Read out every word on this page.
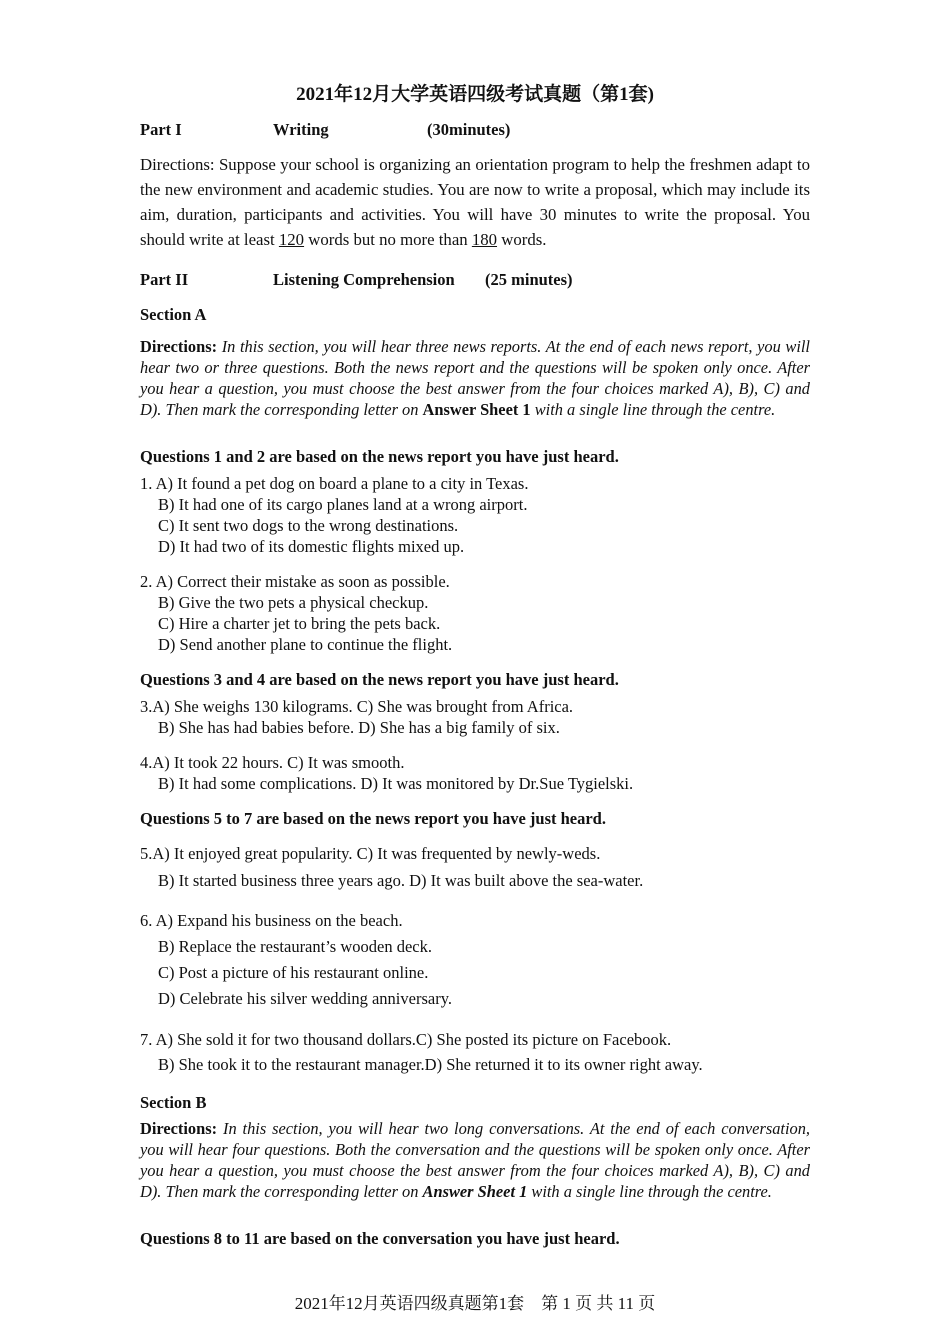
2021年12月大学英语四级考试真题（第1套)
Part I	Writing	(30minutes)
Directions: Suppose your school is organizing an orientation program to help the freshmen adapt to the new environment and academic studies. You are now to write a proposal, which may include its aim, duration, participants and activities. You will have 30 minutes to write the proposal. You should write at least 120 words but no more than 180 words.
Part II	Listening Comprehension (25 minutes)
Section A
Directions: In this section, you will hear three news reports. At the end of each news report, you will hear two or three questions. Both the news report and the questions will be spoken only once. After you hear a question, you must choose the best answer from the four choices marked A), B), C) and D). Then mark the corresponding letter on Answer Sheet 1 with a single line through the centre.
Questions 1 and 2 are based on the news report you have just heard.
1. A) It found a pet dog on board a plane to a city in Texas.
B) It had one of its cargo planes land at a wrong airport.
C) It sent two dogs to the wrong destinations.
D) It had two of its domestic flights mixed up.
2. A) Correct their mistake as soon as possible.
B) Give the two pets a physical checkup.
C) Hire a charter jet to bring the pets back.
D) Send another plane to continue the flight.
Questions 3 and 4 are based on the news report you have just heard.
3.A) She weighs 130 kilograms. C) She was brought from Africa.
B) She has had babies before. D) She has a big family of six.
4.A) It took 22 hours. C) It was smooth.
B) It had some complications. D) It was monitored by Dr.Sue Tygielski.
Questions 5 to 7 are based on the news report you have just heard.
5.A) It enjoyed great popularity. C) It was frequented by newly-weds.
B) It started business three years ago. D) It was built above the sea-water.
6. A) Expand his business on the beach.
B) Replace the restaurant’s wooden deck.
C) Post a picture of his restaurant online.
D) Celebrate his silver wedding anniversary.
7. A) She sold it for two thousand dollars.C) She posted its picture on Facebook.
B) She took it to the restaurant manager.D) She returned it to its owner right away.
Section B
Directions: In this section, you will hear two long conversations. At the end of each conversation, you will hear four questions. Both the conversation and the questions will be spoken only once. After you hear a question, you must choose the best answer from the four choices marked A), B), C) and D). Then mark the corresponding letter on Answer Sheet 1 with a single line through the centre.
Questions 8 to 11 are based on the conversation you have just heard.
2021年12月英语四级真题第1套　第 1 页 共 11 页
